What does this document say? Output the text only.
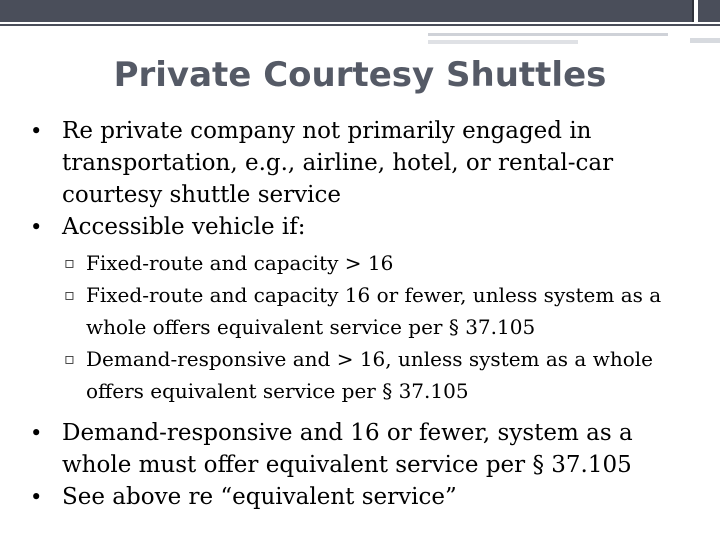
Private Courtesy Shuttles

• Re private company not primarily engaged in transportation, e.g., airline, hotel, or rental-car courtesy shuttle service

• Accessible vehicle if:

▫ Fixed-route and capacity > 16

▫ Fixed-route and capacity 16 or fewer, unless system as a whole offers equivalent service per § 37.105

▫ Demand-responsive and > 16, unless system as a whole offers equivalent service per § 37.105

• Demand-responsive and 16 or fewer, system as a whole must offer equivalent service per § 37.105

• See above re “equivalent service”
